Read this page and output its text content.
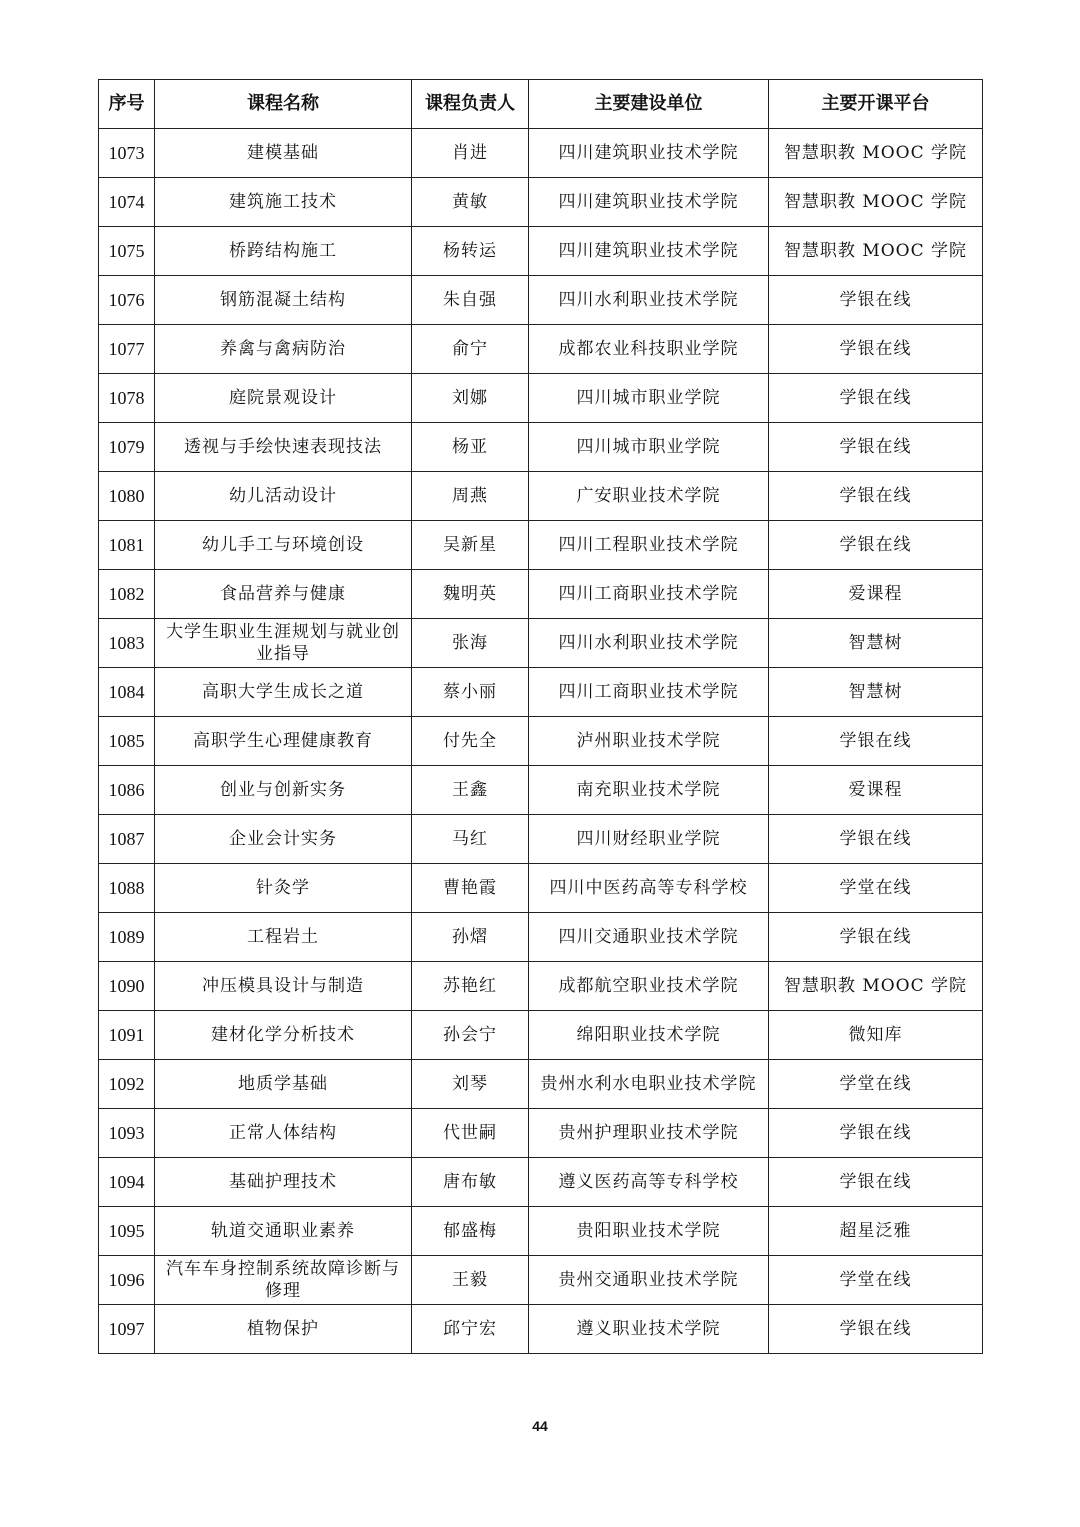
序号	课程名称	课程负责人	主要建设单位	主要开课平台
1073	建模基础	肖进	四川建筑职业技术学院	智慧职教 MOOC 学院
1074	建筑施工技术	黄敏	四川建筑职业技术学院	智慧职教 MOOC 学院
1075	桥跨结构施工	杨转运	四川建筑职业技术学院	智慧职教 MOOC 学院
1076	钢筋混凝土结构	朱自强	四川水利职业技术学院	学银在线
1077	养禽与禽病防治	俞宁	成都农业科技职业学院	学银在线
1078	庭院景观设计	刘娜	四川城市职业学院	学银在线
1079	透视与手绘快速表现技法	杨亚	四川城市职业学院	学银在线
1080	幼儿活动设计	周燕	广安职业技术学院	学银在线
1081	幼儿手工与环境创设	吴新星	四川工程职业技术学院	学银在线
1082	食品营养与健康	魏明英	四川工商职业技术学院	爱课程
1083	大学生职业生涯规划与就业创业指导	张海	四川水利职业技术学院	智慧树
1084	高职大学生成长之道	蔡小丽	四川工商职业技术学院	智慧树
1085	高职学生心理健康教育	付先全	泸州职业技术学院	学银在线
1086	创业与创新实务	王鑫	南充职业技术学院	爱课程
1087	企业会计实务	马红	四川财经职业学院	学银在线
1088	针灸学	曹艳霞	四川中医药高等专科学校	学堂在线
1089	工程岩土	孙熠	四川交通职业技术学院	学银在线
1090	冲压模具设计与制造	苏艳红	成都航空职业技术学院	智慧职教 MOOC 学院
1091	建材化学分析技术	孙会宁	绵阳职业技术学院	微知库
1092	地质学基础	刘琴	贵州水利水电职业技术学院	学堂在线
1093	正常人体结构	代世嗣	贵州护理职业技术学院	学银在线
1094	基础护理技术	唐布敏	遵义医药高等专科学校	学银在线
1095	轨道交通职业素养	郁盛梅	贵阳职业技术学院	超星泛雅
1096	汽车车身控制系统故障诊断与修理	王毅	贵州交通职业技术学院	学堂在线
1097	植物保护	邱宁宏	遵义职业技术学院	学银在线
44
